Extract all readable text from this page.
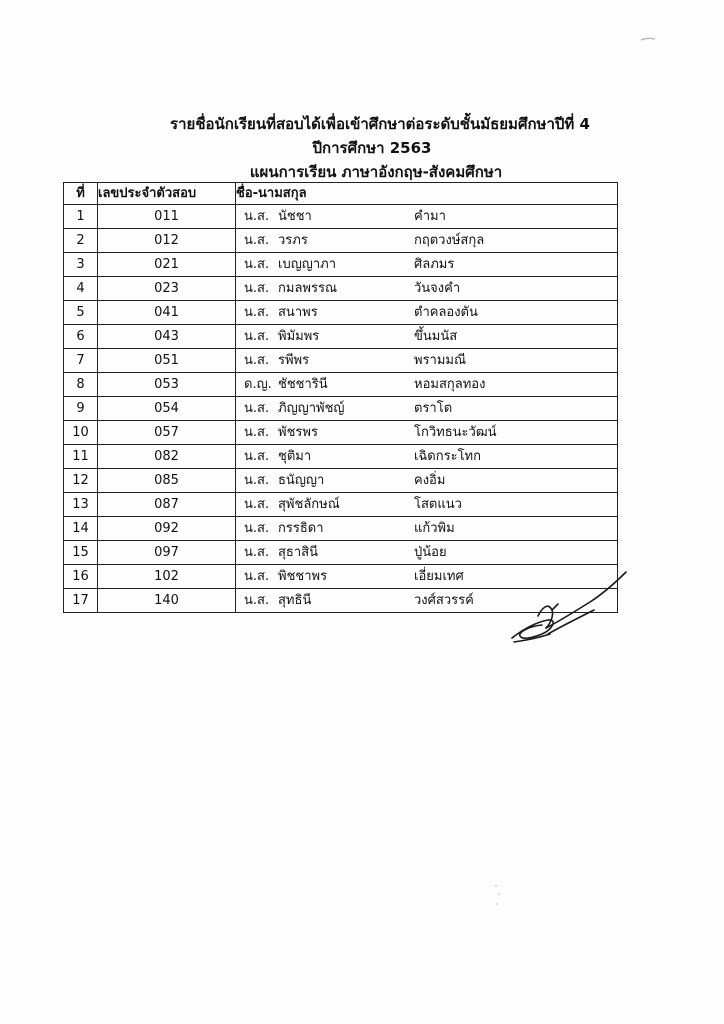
รายชื่อนักเรียนที่สอบได้เพื่อเข้าศึกษาต่อระดับชั้นมัธยมศึกษาปีที่ 4
ปีการศึกษา 2563
แผนการเรียน ภาษาอังกฤษ-สังคมศึกษา
ที่	เลขประจำตัวสอบ	ชื่อ-นามสกุล
1	011	น.ส. นัชชา คำมา

2	012	น.ส. วรภร กฤตวงษ์สกุล

3	021	น.ส. เบญญาภา ศิลภมร

4	023	น.ส. กมลพรรณ วันจงคำ

5	041	น.ส. สนาพร ตำคลองตัน

6	043	น.ส. พิมัมพร ขึ้นมนัส

7	051	น.ส. รพีพร พรามมณี

8	053	ด.ญ. ชัชชารินี หอมสกุลทอง

9	054	น.ส. ภิญญาพัชญ์ ตราโต

10	057	น.ส. พัชรพร โกวิทธนะวัฒน์

11	082	น.ส. ชุติมา เฉิดกระโทก

12	085	น.ส. ธนัญญา คงอิ่ม

13	087	น.ส. สุพัชลักษณ์ โสตแนว

14	092	น.ส. กรรธิดา แก้วพิม

15	097	น.ส. สุธาสินี ปู่น้อย

16	102	น.ส. พิชชาพร เอี่ยมเทศ

17	140	น.ส. สุทธินี วงศ์สวรรค์
